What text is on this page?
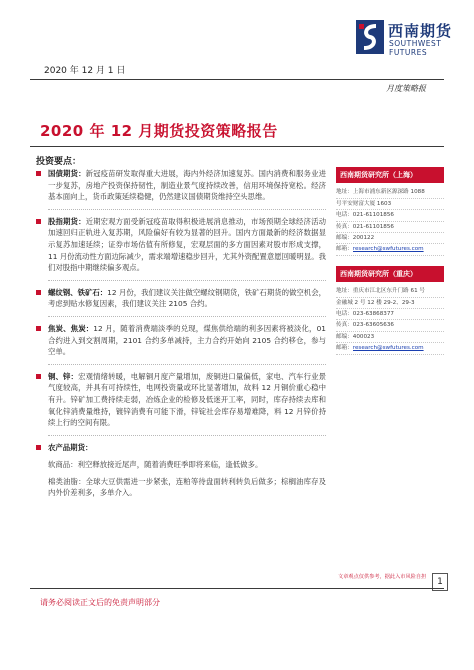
西南期货
SOUTHWEST
FUTURES
2020 年 12 月 1 日
月度策略报
2020 年 12 月期货投资策略报告
投资要点：

国债期货：新冠疫苗研发取得重大进展，海内外经济加速复苏。国内消费和服务业进一步复苏，房地产投资保持韧性，制造业景气度持续改善，信用环境保持宽松。经济基本面向上，货币政策延续稳健，仍然建议国债期货维持空头思维。

股指期货：近期宏观方面受新冠疫苗取得积极进展消息推动，市场预期全球经济活动加速回归正轨进入复苏期，风险偏好有较为显著的回升。国内方面最新的经济数据显示复苏加速延续；证券市场估值有所修复，宏观层面的多方面因素对股市形成支撑，11 月份流动性方面边际减少，需求端增速稳步回升，尤其外资配置意愿回暖明显。我们对股指中期继续偏多观点。

螺纹钢、铁矿石：12 月份，我们建议关注做空螺纹钢期货，铁矿石期货的做空机会，考虑到贴水修复因素，我们建议关注 2105 合约。

焦炭、焦炭：12 月，随着消费端淡季的兑现，煤焦供给端的利多因素将被淡化，01 合约进入到交割周期，2101 合约多单减持，主力合约开始向 2105 合约移仓，参与空单。

铜、锌：宏观情绪转暖，电解铜月度产量增加，废铜进口量偏低，家电、汽车行业景气度较高，并具有可持续性，电网投资量或环比显著增加，故料 12 月铜价重心稳中有升。锌矿加工费持续走弱，冶炼企业的检修及低迷开工率，同时，库存持续去库和氧化锌消费量维持，镀锌消费有可能下滑，锌锭社会库存易增难降，料 12 月锌价持续上行的空间有限。

农产品期货：

软商品：利空释放接近尾声，随着消费旺季即将来临，逢低做多。

棉类油脂：全球大豆供需进一步紧张，连粕等待盘面转利转负后做多；棕榈油库存及内外价差利多，多单介入。

西南期货研究所（上海）
地址： 上海市浦东新区源深路 1088
号平安财富大厦 1603
电话： 021-61101856
传真： 021-61101856
邮编： 200122
邮箱： research@swfutures.com
西南期货研究所（重庆）
地址： 重庆市江北区东升门路 61 号
金融城 2 号 12 楼 29-2、29-3
电话： 023-63868377
传真： 023-63605636
邮编： 400023
邮箱： research@swfutures.com
文章观点仅供参考，据此入市风险自担	1
请务必阅读正文后的免责声明部分
